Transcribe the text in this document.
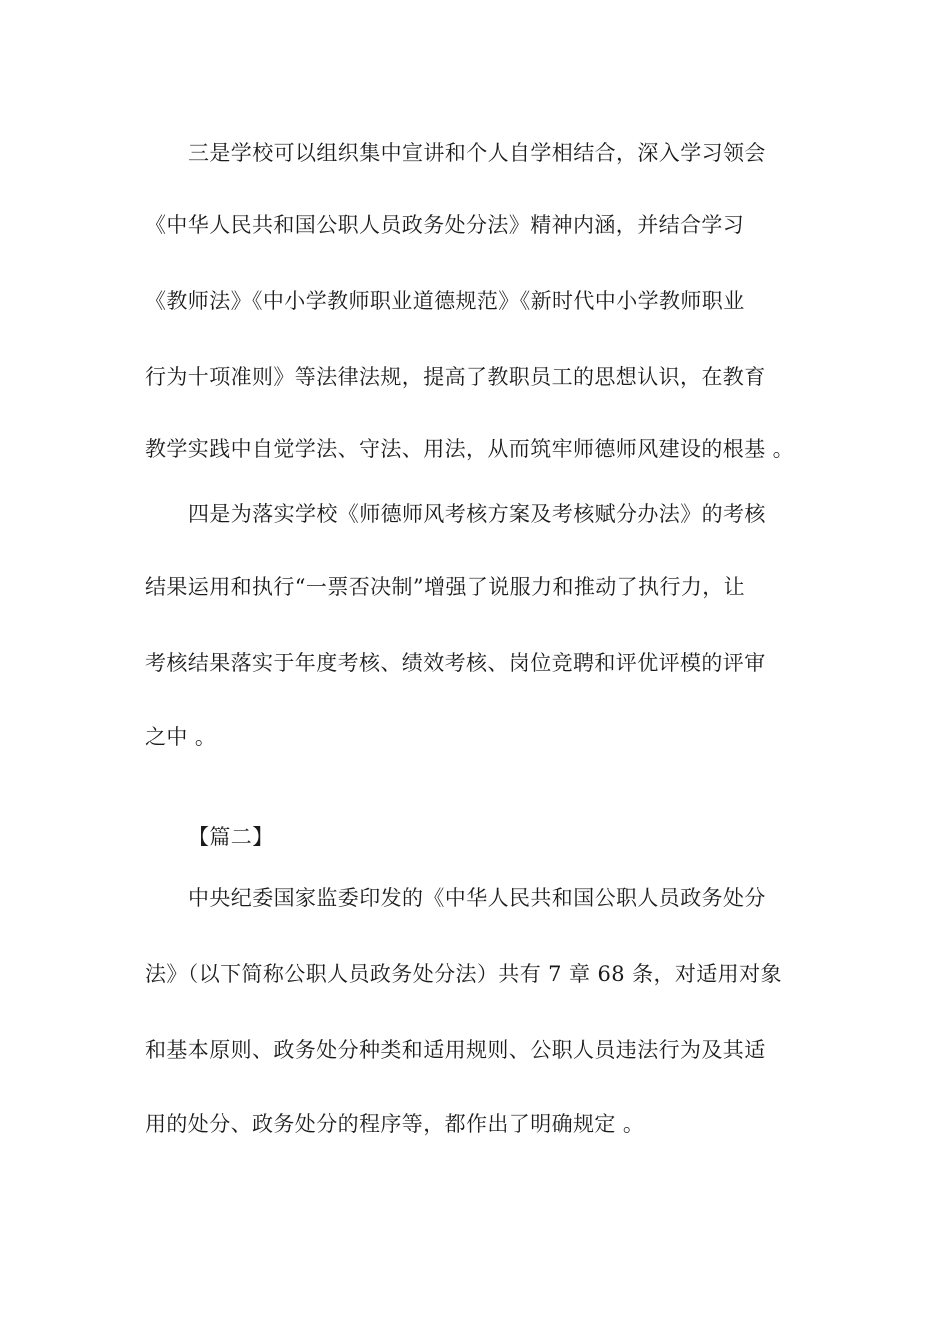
三是学校可以组织集中宣讲和个人自学相结合，深入学习领会
《中华人民共和国公职人员政务处分法》精神内涵，并结合学习
《教师法》《中小学教师职业道德规范》《新时代中小学教师职业
行为十项准则》等法律法规，提高了教职员工的思想认识，在教育
教学实践中自觉学法、守法、用法，从而筑牢师德师风建设的根基 。
四是为落实学校《师德师风考核方案及考核赋分办法》的考核
结果运用和执行“一票否决制”增强了说服力和推动了执行力，让
考核结果落实于年度考核、绩效考核、岗位竞聘和评优评模的评审
之中 。
【篇二】
中央纪委国家监委印发的《中华人民共和国公职人员政务处分
法》（以下简称公职人员政务处分法）共有 7 章 68 条，对适用对象
和基本原则、政务处分种类和适用规则、公职人员违法行为及其适
用的处分、政务处分的程序等，都作出了明确规定 。
